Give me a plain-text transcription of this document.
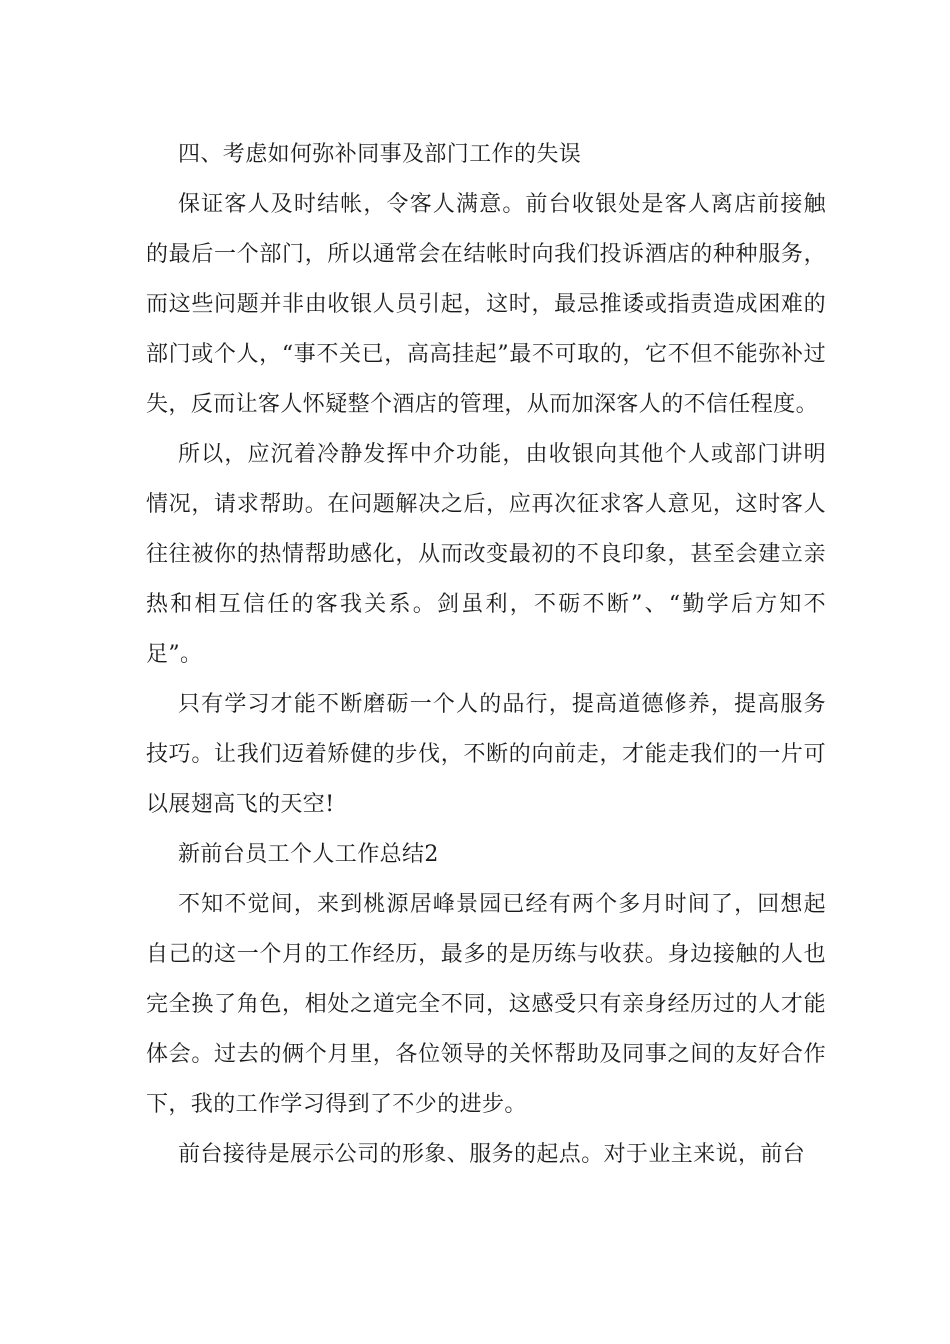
四、考虑如何弥补同事及部门工作的失误

保证客人及时结帐，令客人满意。前台收银处是客人离店前接触的最后一个部门，所以通常会在结帐时向我们投诉酒店的种种服务，而这些问题并非由收银人员引起，这时，最忌推诿或指责造成困难的部门或个人，“事不关已，高高挂起”最不可取的，它不但不能弥补过失，反而让客人怀疑整个酒店的管理，从而加深客人的不信任程度。

所以，应沉着冷静发挥中介功能，由收银向其他个人或部门讲明情况，请求帮助。在问题解决之后，应再次征求客人意见，这时客人往往被你的热情帮助感化，从而改变最初的不良印象，甚至会建立亲热和相互信任的客我关系。剑虽利，不砺不断”、“勤学后方知不足”。

只有学习才能不断磨砺一个人的品行，提高道德修养，提高服务技巧。让我们迈着矫健的步伐，不断的向前走，才能走我们的一片可以展翅高飞的天空!

新前台员工个人工作总结2

不知不觉间，来到桃源居峰景园已经有两个多月时间了，回想起自己的这一个月的工作经历，最多的是历练与收获。身边接触的人也完全换了角色，相处之道完全不同，这感受只有亲身经历过的人才能体会。过去的俩个月里，各位领导的关怀帮助及同事之间的友好合作下，我的工作学习得到了不少的进步。

前台接待是展示公司的形象、服务的起点。对于业主来说，前台
